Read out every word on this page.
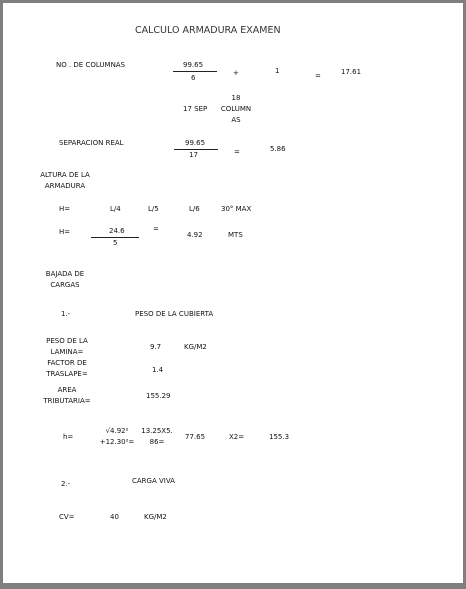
CALCULO ARMADURA EXAMEN
NO . DE COLUMNAS	99.65
6
+	1
=	17.61
17 SEP
18 COLUMN AS
SEPARACION REAL	99.65
17	=	5.86
ALTURA DE LA ARMADURA
H=	L/4	L/5	L/6	30° MAX
H=	24.6
5
=
4.92	MTS
BAJADA DE CARGAS
1.-	PESO DE LA CUBIERTA
PESO DE LA LAMINA=
9.7	KG/M2
FACTOR DE TRASLAPE=	1.4
AREA TRIBUTARIA=
155.29
h=
√4.92² +12.30²=
13.25X5. 86=
77.65	X2=	155.3
2.-	CARGA VIVA
CV=	40	KG/M2
